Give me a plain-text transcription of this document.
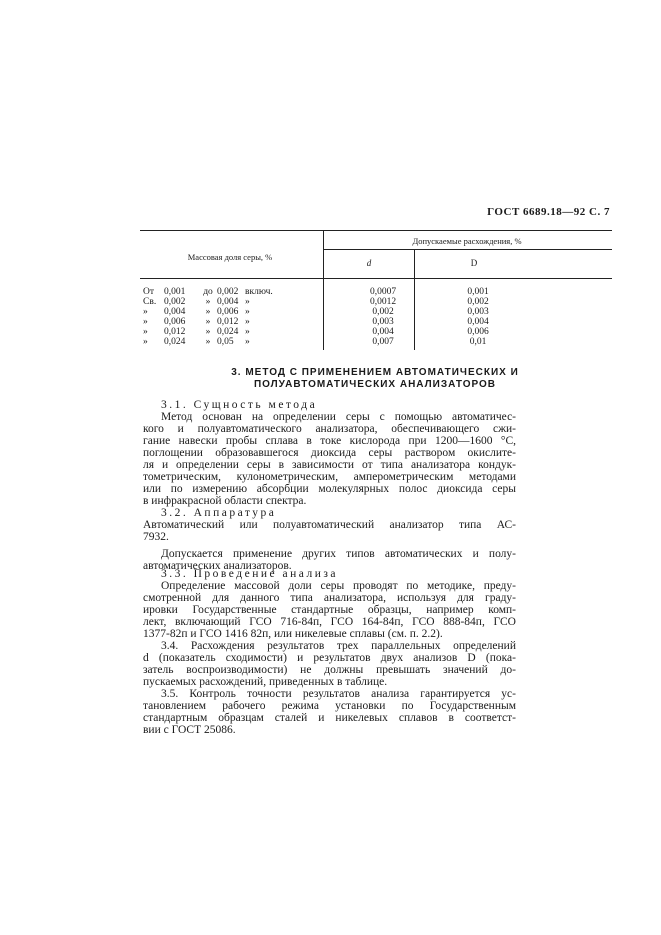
ГОСТ 6689.18—92 С. 7
Массовая доля серы, %
Допускаемые расхождения, %
d	D
От 0,001	до 0,002 включ.	0,0007	0,001
Св. 0,002	» 0,004 »	0,0012	0,002
» 0,004	» 0,006 »	0,002	0,003
» 0,006	» 0,012 »	0,003	0,004
» 0,012	» 0,024 »	0,004	0,006
» 0,024	» 0,05 »	0,007	0,01
3. МЕТОД С ПРИМЕНЕНИЕМ АВТОМАТИЧЕСКИХ И
ПОЛУАВТОМАТИЧЕСКИХ АНАЛИЗАТОРОВ
3.1. Сущность метода
Метод основан на определении серы с помощью автоматичес-
кого и полуавтоматического анализатора, обеспечивающего сжи-
гание навески пробы сплава в токе кислорода при 1200—1600 °С,
поглощении образовавшегося диоксида серы раствором окислите-
ля и определении серы в зависимости от типа анализатора кондук-
тометрическим, кулонометрическим, амперометрическим методами
или по измерению абсорбции молекулярных полос диоксида серы
в инфракрасной области спектра.
3.2. Аппаратура
Автоматический или полуавтоматический анализатор типа АС-
7932.
Допускается применение других типов автоматических и полу-
автоматических анализаторов.
3.3. Проведение анализа
Определение массовой доли серы проводят по методике, преду-
смотренной для данного типа анализатора, используя для граду-
ировки Государственные стандартные образцы, например комп-
лект, включающий ГСО 716-84п, ГСО 164-84п, ГСО 888-84п, ГСО
1377-82п и ГСО 1416 82п, или никелевые сплавы (см. п. 2.2).
3.4. Расхождения результатов трех параллельных определений
d (показатель сходимости) и результатов двух анализов D (пока-
затель воспроизводимости) не должны превышать значений до-
пускаемых расхождений, приведенных в таблице.
3.5. Контроль точности результатов анализа гарантируется ус-
тановлением рабочего режима установки по Государственным
стандартным образцам сталей и никелевых сплавов в соответст-
вии с ГОСТ 25086.
